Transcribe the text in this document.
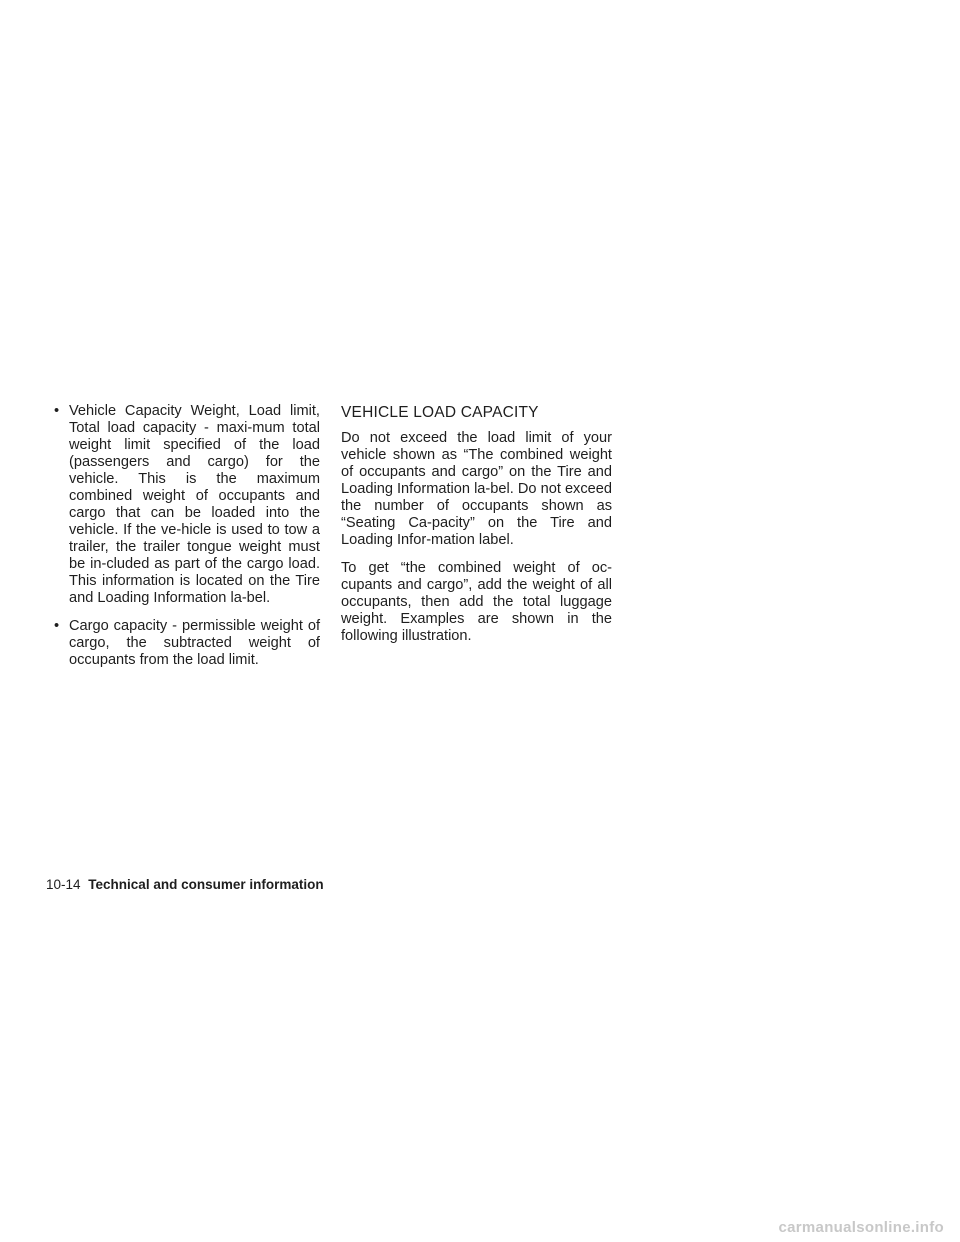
• Vehicle Capacity Weight, Load limit, Total load capacity - maxi-mum total weight limit specified of the load (passengers and cargo) for the vehicle. This is the maximum combined weight of occupants and cargo that can be loaded into the vehicle. If the ve-hicle is used to tow a trailer, the trailer tongue weight must be in-cluded as part of the cargo load. This information is located on the Tire and Loading Information la-bel.
• Cargo capacity - permissible weight of cargo, the subtracted weight of occupants from the load limit.
VEHICLE LOAD CAPACITY

Do not exceed the load limit of your vehicle shown as “The combined weight of occupants and cargo” on the Tire and Loading Information la-bel. Do not exceed the number of occupants shown as “Seating Ca-pacity” on the Tire and Loading Infor-mation label.

To get “the combined weight of oc-cupants and cargo”, add the weight of all occupants, then add the total luggage weight. Examples are shown in the following illustration.

10-14 Technical and consumer information
carmanualsonline.info
